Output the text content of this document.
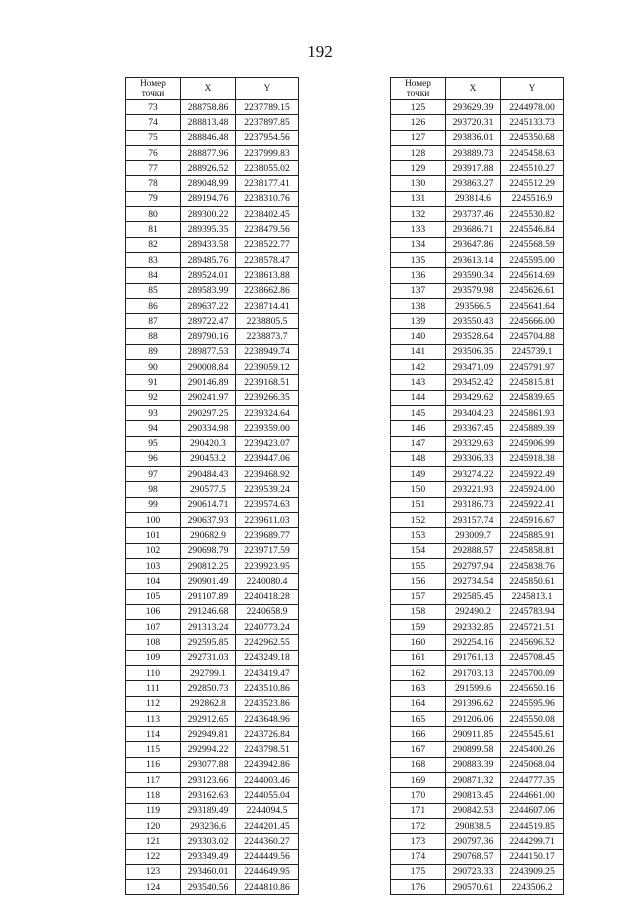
192
Номер
точки	X	Y
73	288758.86	2237789.15
74	288813.48	2237897.85
75	288846.48	2237954.56
76	288877.96	2237999.83
77	288926.52	2238055.02
78	289048.99	2238177.41
79	289194.76	2238310.76
80	289300.22	2238402.45
81	289395.35	2238479.56
82	289433.58	2238522.77
83	289485.76	2238578.47
84	289524.01	2238613.88
85	289583.99	2238662.86
86	289637.22	2238714.41
87	289722.47	2238805.5
88	289790.16	2238873.7
89	289877.53	2238949.74
90	290008.84	2239059.12
91	290146.89	2239168.51
92	290241.97	2239266.35
93	290297.25	2239324.64
94	290334.98	2239359.00
95	290420.3	2239423.07
96	290453.2	2239447.06
97	290484.43	2239468.92
98	290577.5	2239539.24
99	290614.71	2239574.63
100	290637.93	2239611.03
101	290682.9	2239689.77
102	290698.79	2239717.59
103	290812.25	2239923.95
104	290901.49	2240080.4
105	291107.89	2240418.28
106	291246.68	2240658.9
107	291313.24	2240773.24
108	292595.85	2242962.55
109	292731.03	2243249.18
110	292799.1	2243419.47
111	292850.73	2243510.86
112	292862.8	2243523.86
113	292912.65	2243648.96
114	292949.81	2243726.84
115	292994.22	2243798.51
116	293077.88	2243942.86
117	293123.66	2244003.46
118	293162.63	2244055.04
119	293189.49	2244094.5
120	293236.6	2244201.45
121	293303.02	2244360.27
122	293349.49	2244449.56
123	293460.01	2244649.95
124	293540.56	2244810.86
Номер
точки	X	Y
125	293629.39	2244978.00
126	293720.31	2245133.73
127	293836.01	2245350.68
128	293889.73	2245458.63
129	293917.88	2245510.27
130	293863.27	2245512.29
131	293814.6	2245516.9
132	293737.46	2245530.82
133	293686.71	2245546.84
134	293647.86	2245568.59
135	293613.14	2245595.00
136	293590.34	2245614.69
137	293579.98	2245626.61
138	293566.5	2245641.64
139	293550.43	2245666.00
140	293528.64	2245704.88
141	293506.35	2245739.1
142	293471.09	2245791.97
143	293452.42	2245815.81
144	293429.62	2245839.65
145	293404.23	2245861.93
146	293367.45	2245889.39
147	293329.63	2245906.99
148	293306.33	2245918.38
149	293274.22	2245922.49
150	293221.93	2245924.00
151	293186.73	2245922.41
152	293157.74	2245916.67
153	293009.7	2245885.91
154	292888.57	2245858.81
155	292797.94	2245838.76
156	292734.54	2245850.61
157	292585.45	2245813.1
158	292490.2	2245783.94
159	292332.85	2245721.51
160	292254.16	2245696.52
161	291761.13	2245708.45
162	291703.13	2245700.09
163	291599.6	2245650.16
164	291396.62	2245595.96
165	291206.06	2245550.08
166	290911.85	2245545.61
167	290899.58	2245400.26
168	290883.39	2245068.04
169	290871.32	2244777.35
170	290813.45	2244661.00
171	290842.53	2244607.06
172	290838.5	2244519.85
173	290797.36	2244299.71
174	290768.57	2244150.17
175	290723.33	2243909.25
176	290570.61	2243506.2
